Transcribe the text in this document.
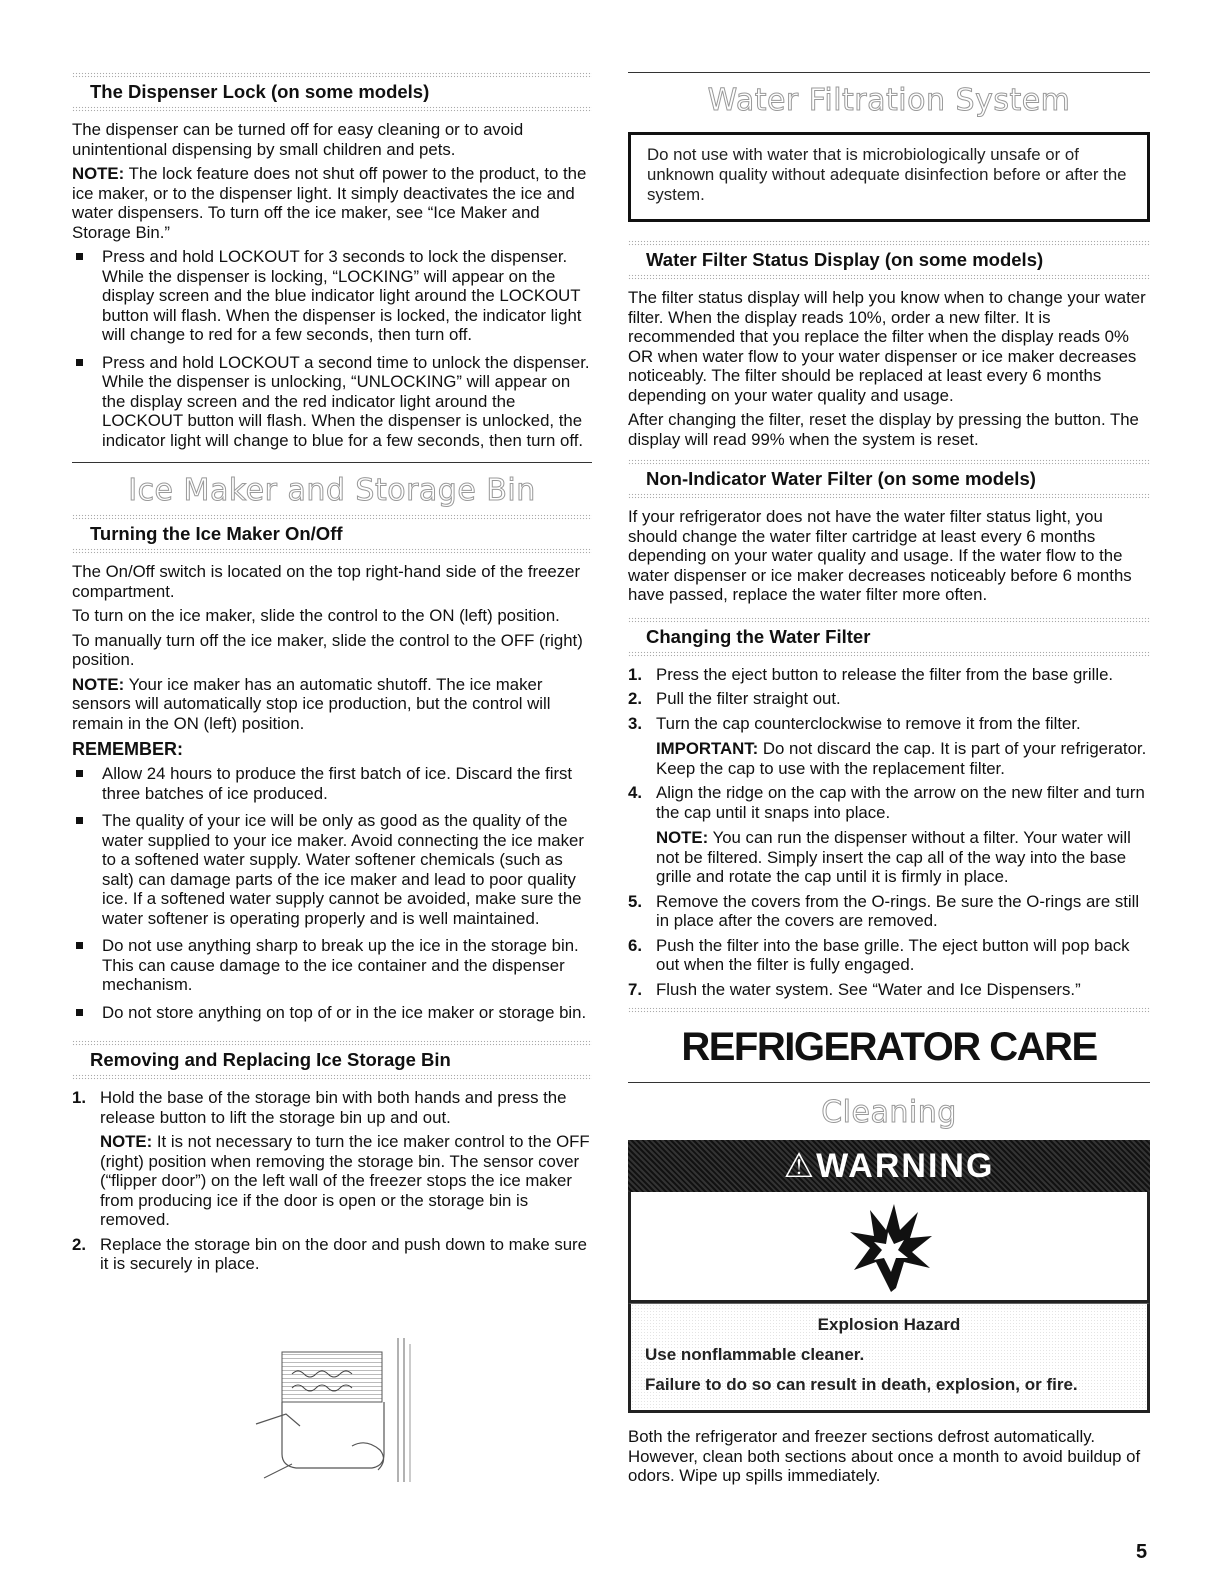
The Dispenser Lock (on some models)

The dispenser can be turned off for easy cleaning or to avoid unintentional dispensing by small children and pets.

NOTE: The lock feature does not shut off power to the product, to the ice maker, or to the dispenser light. It simply deactivates the ice and water dispensers. To turn off the ice maker, see “Ice Maker and Storage Bin.”

Press and hold LOCKOUT for 3 seconds to lock the dispenser. While the dispenser is locking, “LOCKING” will appear on the display screen and the blue indicator light around the LOCKOUT button will flash. When the dispenser is locked, the indicator light will change to red for a few seconds, then turn off.
Press and hold LOCKOUT a second time to unlock the dispenser. While the dispenser is unlocking, “UNLOCKING” will appear on the display screen and the red indicator light around the LOCKOUT button will flash. When the dispenser is unlocked, the indicator light will change to blue for a few seconds, then turn off.
Ice Maker and Storage Bin
Turning the Ice Maker On/Off

The On/Off switch is located on the top right-hand side of the freezer compartment.

To turn on the ice maker, slide the control to the ON (left) position.

To manually turn off the ice maker, slide the control to the OFF (right) position.

NOTE: Your ice maker has an automatic shutoff. The ice maker sensors will automatically stop ice production, but the control will remain in the ON (left) position.

REMEMBER:
Allow 24 hours to produce the first batch of ice. Discard the first three batches of ice produced.
The quality of your ice will be only as good as the quality of the water supplied to your ice maker. Avoid connecting the ice maker to a softened water supply. Water softener chemicals (such as salt) can damage parts of the ice maker and lead to poor quality ice. If a softened water supply cannot be avoided, make sure the water softener is operating properly and is well maintained.
Do not use anything sharp to break up the ice in the storage bin. This can cause damage to the ice container and the dispenser mechanism.
Do not store anything on top of or in the ice maker or storage bin.
Removing and Replacing Ice Storage Bin
1. Hold the base of the storage bin with both hands and press the release button to lift the storage bin up and out.
NOTE: It is not necessary to turn the ice maker control to the OFF (right) position when removing the storage bin. The sensor cover (“flipper door”) on the left wall of the freezer stops the ice maker from producing ice if the door is open or the storage bin is removed.
2. Replace the storage bin on the door and push down to make sure it is securely in place.
Water Filtration System
Do not use with water that is microbiologically unsafe or of unknown quality without adequate disinfection before or after the system.
Water Filter Status Display (on some models)

The filter status display will help you know when to change your water filter. When the display reads 10%, order a new filter. It is recommended that you replace the filter when the display reads 0% OR when water flow to your water dispenser or ice maker decreases noticeably. The filter should be replaced at least every 6 months depending on your water quality and usage.

After changing the filter, reset the display by pressing the button. The display will read 99% when the system is reset.

Non-Indicator Water Filter (on some models)

If your refrigerator does not have the water filter status light, you should change the water filter cartridge at least every 6 months depending on your water quality and usage. If the water flow to the water dispenser or ice maker decreases noticeably before 6 months have passed, replace the water filter more often.

Changing the Water Filter
1. Press the eject button to release the filter from the base grille.
2. Pull the filter straight out.
3. Turn the cap counterclockwise to remove it from the filter.
IMPORTANT: Do not discard the cap. It is part of your refrigerator. Keep the cap to use with the replacement filter.
4. Align the ridge on the cap with the arrow on the new filter and turn the cap until it snaps into place.
NOTE: You can run the dispenser without a filter. Your water will not be filtered. Simply insert the cap all of the way into the base grille and rotate the cap until it is firmly in place.
5. Remove the covers from the O-rings. Be sure the O-rings are still in place after the covers are removed.
6. Push the filter into the base grille. The eject button will pop back out when the filter is fully engaged.
7. Flush the water system. See “Water and Ice Dispensers.”
REFRIGERATOR CARE
Cleaning
⚠WARNING
Explosion Hazard
Use nonflammable cleaner.
Failure to do so can result in death, explosion, or fire.

Both the refrigerator and freezer sections defrost automatically. However, clean both sections about once a month to avoid buildup of odors. Wipe up spills immediately.

5
